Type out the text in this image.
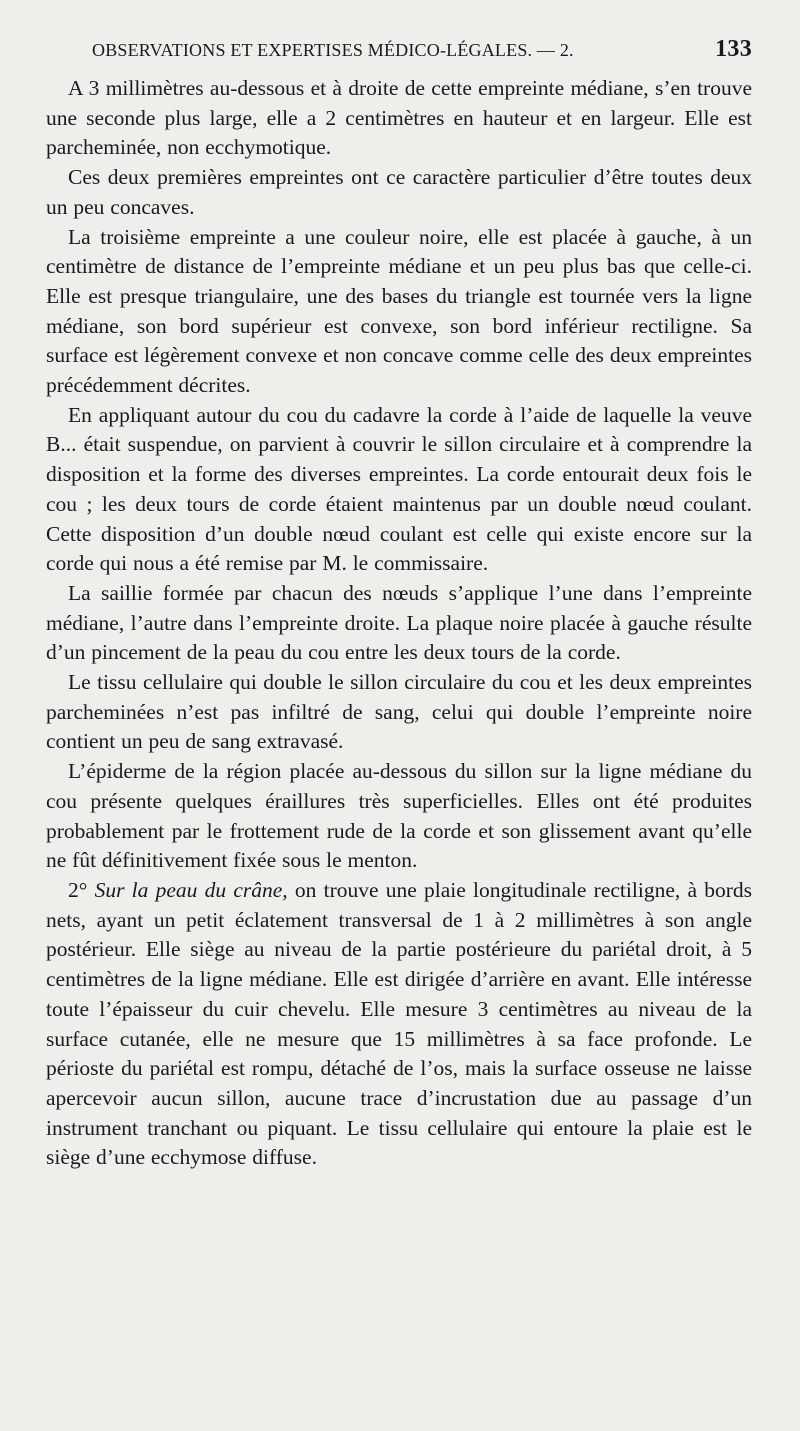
OBSERVATIONS ET EXPERTISES MÉDICO-LÉGALES. — 2.	133

A 3 millimètres au-dessous et à droite de cette empreinte médiane, s’en trouve une seconde plus large, elle a 2 centimètres en hauteur et en largeur. Elle est parcheminée, non ecchymotique.

Ces deux premières empreintes ont ce caractère particulier d’être toutes deux un peu concaves.

La troisième empreinte a une couleur noire, elle est placée à gauche, à un centimètre de distance de l’empreinte médiane et un peu plus bas que celle-ci. Elle est presque triangulaire, une des bases du triangle est tournée vers la ligne médiane, son bord supérieur est convexe, son bord inférieur rectiligne. Sa surface est légèrement convexe et non concave comme celle des deux empreintes précédemment décrites.

En appliquant autour du cou du cadavre la corde à l’aide de laquelle la veuve B... était suspendue, on parvient à couvrir le sillon circulaire et à comprendre la disposition et la forme des diverses empreintes. La corde entourait deux fois le cou ; les deux tours de corde étaient maintenus par un double nœud coulant. Cette disposition d’un double nœud coulant est celle qui existe encore sur la corde qui nous a été remise par M. le commissaire.

La saillie formée par chacun des nœuds s’applique l’une dans l’empreinte médiane, l’autre dans l’empreinte droite. La plaque noire placée à gauche résulte d’un pincement de la peau du cou entre les deux tours de la corde.

Le tissu cellulaire qui double le sillon circulaire du cou et les deux empreintes parcheminées n’est pas infiltré de sang, celui qui double l’empreinte noire contient un peu de sang extravasé.

L’épiderme de la région placée au-dessous du sillon sur la ligne médiane du cou présente quelques éraillures très superficielles. Elles ont été produites probablement par le frottement rude de la corde et son glissement avant qu’elle ne fût définitivement fixée sous le menton.

2° Sur la peau du crâne, on trouve une plaie longitudinale rectiligne, à bords nets, ayant un petit éclatement transversal de 1 à 2 millimètres à son angle postérieur. Elle siège au niveau de la partie postérieure du pariétal droit, à 5 centimètres de la ligne médiane. Elle est dirigée d’arrière en avant. Elle intéresse toute l’épaisseur du cuir chevelu. Elle mesure 3 centimètres au niveau de la surface cutanée, elle ne mesure que 15 millimètres à sa face profonde. Le périoste du pariétal est rompu, détaché de l’os, mais la surface osseuse ne laisse apercevoir aucun sillon, aucune trace d’incrustation due au passage d’un instrument tranchant ou piquant. Le tissu cellulaire qui entoure la plaie est le siège d’une ecchymose diffuse.
